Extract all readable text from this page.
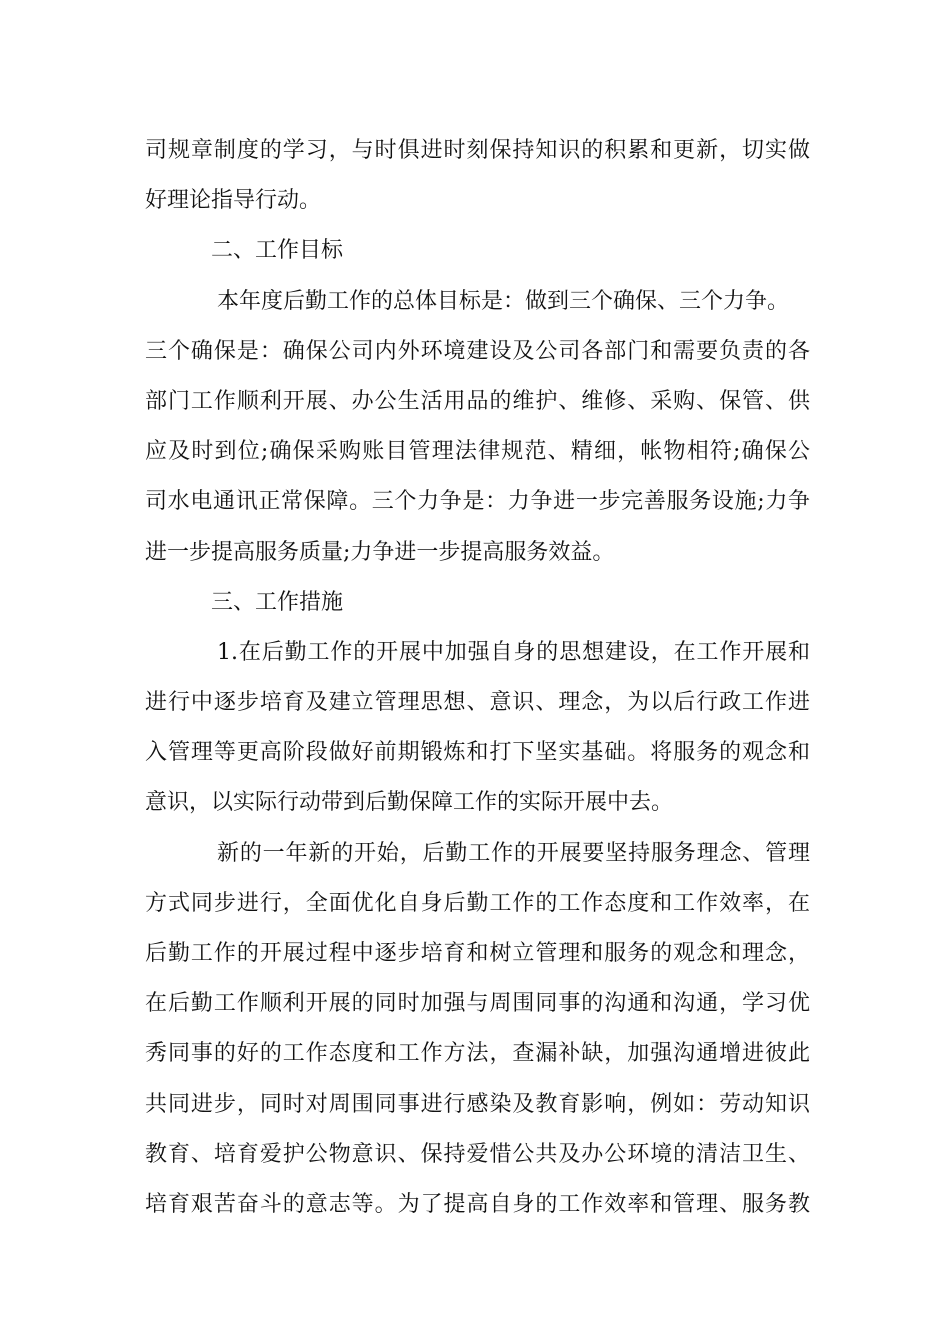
司规章制度的学习，与时俱进时刻保持知识的积累和更新，切实做
好理论指导行动。
二、工作目标
本年度后勤工作的总体目标是：做到三个确保、三个力争。
三个确保是：确保公司内外环境建设及公司各部门和需要负责的各
部门工作顺利开展、办公生活用品的维护、维修、采购、保管、供
应及时到位;确保采购账目管理法律规范、精细，帐物相符;确保公
司水电通讯正常保障。三个力争是：力争进一步完善服务设施;力争
进一步提高服务质量;力争进一步提高服务效益。
三、工作措施
1.在后勤工作的开展中加强自身的思想建设，在工作开展和
进行中逐步培育及建立管理思想、意识、理念，为以后行政工作进
入管理等更高阶段做好前期锻炼和打下坚实基础。将服务的观念和
意识，以实际行动带到后勤保障工作的实际开展中去。
新的一年新的开始，后勤工作的开展要坚持服务理念、管理
方式同步进行，全面优化自身后勤工作的工作态度和工作效率，在
后勤工作的开展过程中逐步培育和树立管理和服务的观念和理念，
在后勤工作顺利开展的同时加强与周围同事的沟通和沟通，学习优
秀同事的好的工作态度和工作方法，查漏补缺，加强沟通增进彼此
共同进步，同时对周围同事进行感染及教育影响，例如：劳动知识
教育、培育爱护公物意识、保持爱惜公共及办公环境的清洁卫生、
培育艰苦奋斗的意志等。为了提高自身的工作效率和管理、服务教
